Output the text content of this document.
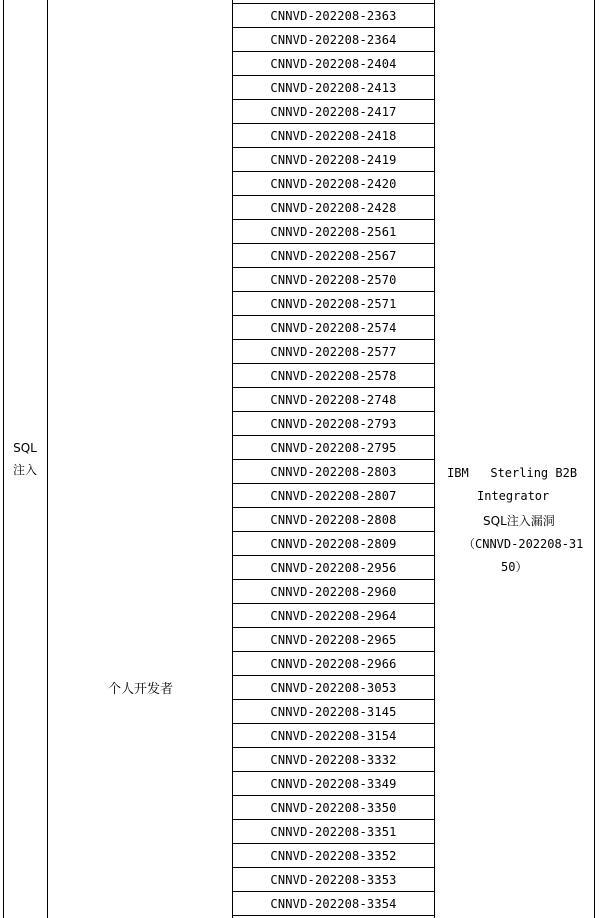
SQL
注入
个人开发者
CNNVD-202208-2363
CNNVD-202208-2364
CNNVD-202208-2404
CNNVD-202208-2413
CNNVD-202208-2417
CNNVD-202208-2418
CNNVD-202208-2419
CNNVD-202208-2420
CNNVD-202208-2428
CNNVD-202208-2561
CNNVD-202208-2567
CNNVD-202208-2570
CNNVD-202208-2571
CNNVD-202208-2574
CNNVD-202208-2577
CNNVD-202208-2578
CNNVD-202208-2748
CNNVD-202208-2793
CNNVD-202208-2795
CNNVD-202208-2803
CNNVD-202208-2807
CNNVD-202208-2808
CNNVD-202208-2809
CNNVD-202208-2956
CNNVD-202208-2960
CNNVD-202208-2964
CNNVD-202208-2965
CNNVD-202208-2966
CNNVD-202208-3053
CNNVD-202208-3145
CNNVD-202208-3154
CNNVD-202208-3332
CNNVD-202208-3349
CNNVD-202208-3350
CNNVD-202208-3351
CNNVD-202208-3352
CNNVD-202208-3353
CNNVD-202208-3354
IBM   Sterling B2B
Integrator
SQL注入漏洞
（CNNVD-202208-31
50）
